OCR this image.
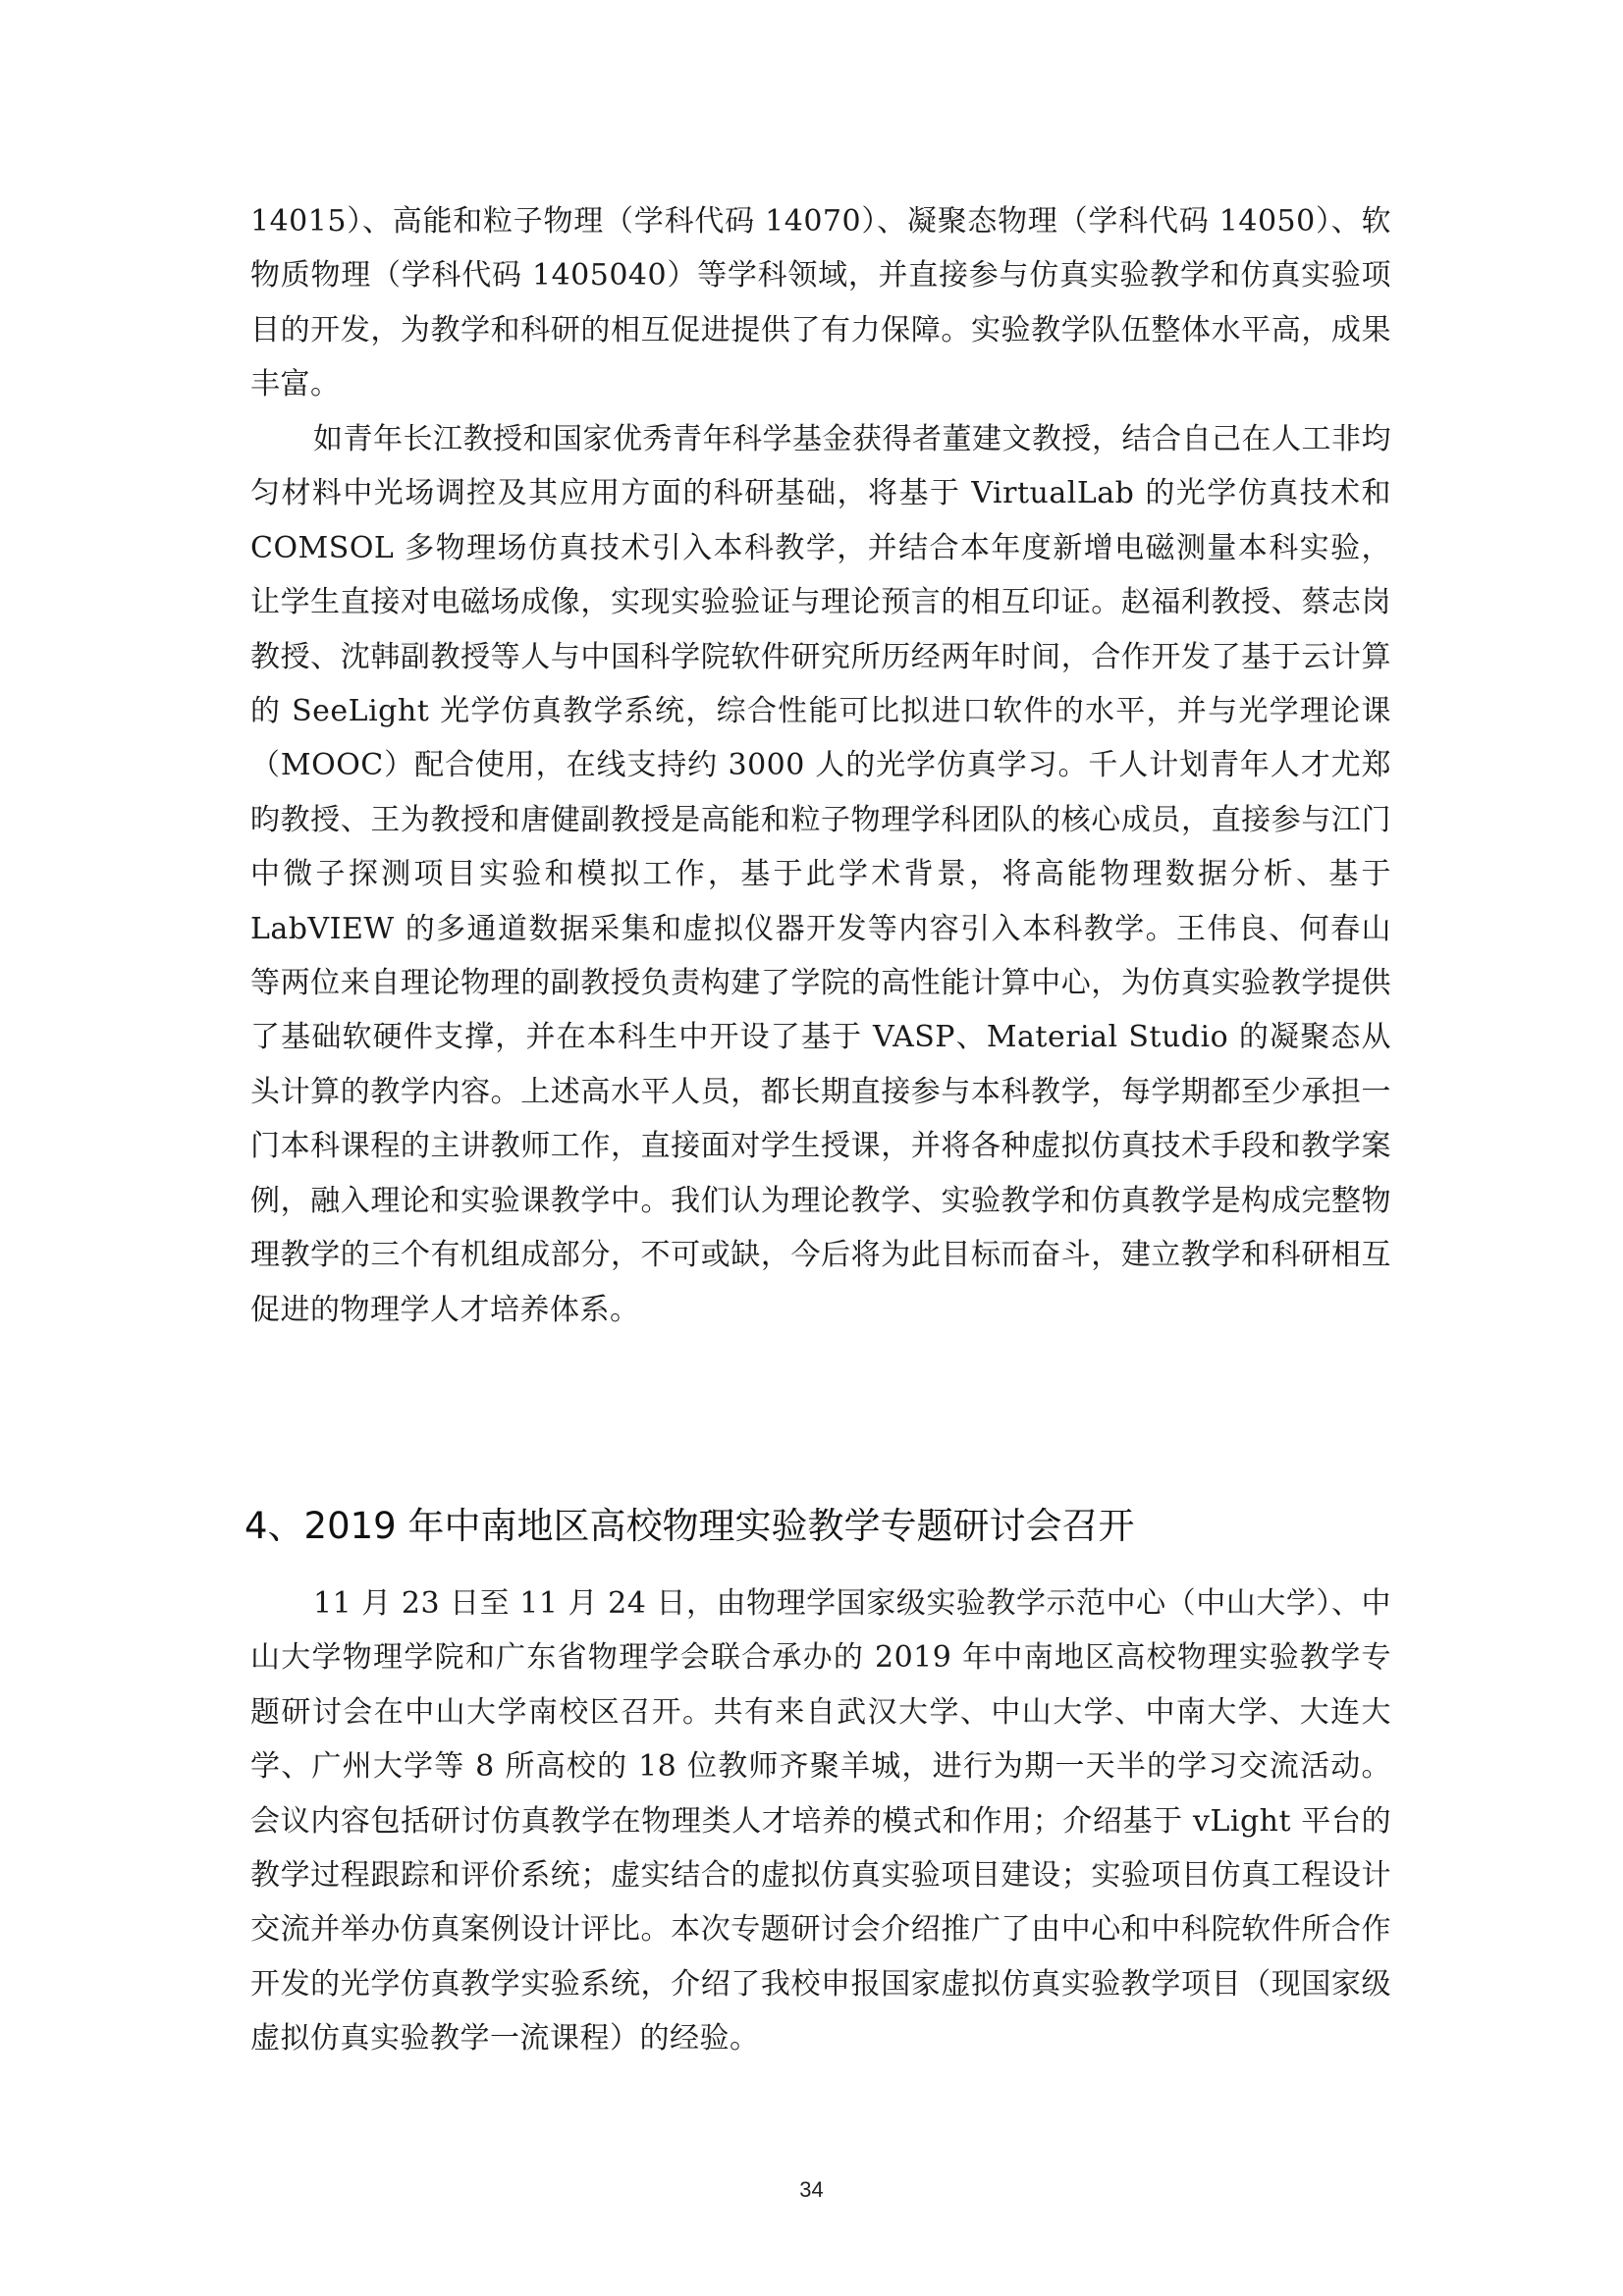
14015）、高能和粒子物理（学科代码 14070）、凝聚态物理（学科代码 14050）、软物质物理（学科代码 1405040）等学科领域，并直接参与仿真实验教学和仿真实验项目的开发，为教学和科研的相互促进提供了有力保障。实验教学队伍整体水平高，成果丰富。

如青年长江教授和国家优秀青年科学基金获得者董建文教授，结合自己在人工非均匀材料中光场调控及其应用方面的科研基础，将基于 VirtualLab 的光学仿真技术和 COMSOL 多物理场仿真技术引入本科教学，并结合本年度新增电磁测量本科实验，让学生直接对电磁场成像，实现实验验证与理论预言的相互印证。赵福利教授、蔡志岗教授、沈韩副教授等人与中国科学院软件研究所历经两年时间，合作开发了基于云计算的 SeeLight 光学仿真教学系统，综合性能可比拟进口软件的水平，并与光学理论课（MOOC）配合使用，在线支持约 3000 人的光学仿真学习。千人计划青年人才尤郑昀教授、王为教授和唐健副教授是高能和粒子物理学科团队的核心成员，直接参与江门中微子探测项目实验和模拟工作，基于此学术背景，将高能物理数据分析、基于 LabVIEW 的多通道数据采集和虚拟仪器开发等内容引入本科教学。王伟良、何春山等两位来自理论物理的副教授负责构建了学院的高性能计算中心，为仿真实验教学提供了基础软硬件支撑，并在本科生中开设了基于 VASP、Material Studio 的凝聚态从头计算的教学内容。上述高水平人员，都长期直接参与本科教学，每学期都至少承担一门本科课程的主讲教师工作，直接面对学生授课，并将各种虚拟仿真技术手段和教学案例，融入理论和实验课教学中。我们认为理论教学、实验教学和仿真教学是构成完整物理教学的三个有机组成部分，不可或缺，今后将为此目标而奋斗，建立教学和科研相互促进的物理学人才培养体系。

4、2019 年中南地区高校物理实验教学专题研讨会召开

11 月 23 日至 11 月 24 日，由物理学国家级实验教学示范中心（中山大学）、中山大学物理学院和广东省物理学会联合承办的 2019 年中南地区高校物理实验教学专题研讨会在中山大学南校区召开。共有来自武汉大学、中山大学、中南大学、大连大学、广州大学等 8 所高校的 18 位教师齐聚羊城，进行为期一天半的学习交流活动。会议内容包括研讨仿真教学在物理类人才培养的模式和作用；介绍基于 vLight 平台的教学过程跟踪和评价系统；虚实结合的虚拟仿真实验项目建设；实验项目仿真工程设计交流并举办仿真案例设计评比。本次专题研讨会介绍推广了由中心和中科院软件所合作开发的光学仿真教学实验系统，介绍了我校申报国家虚拟仿真实验教学项目（现国家级虚拟仿真实验教学一流课程）的经验。

34
